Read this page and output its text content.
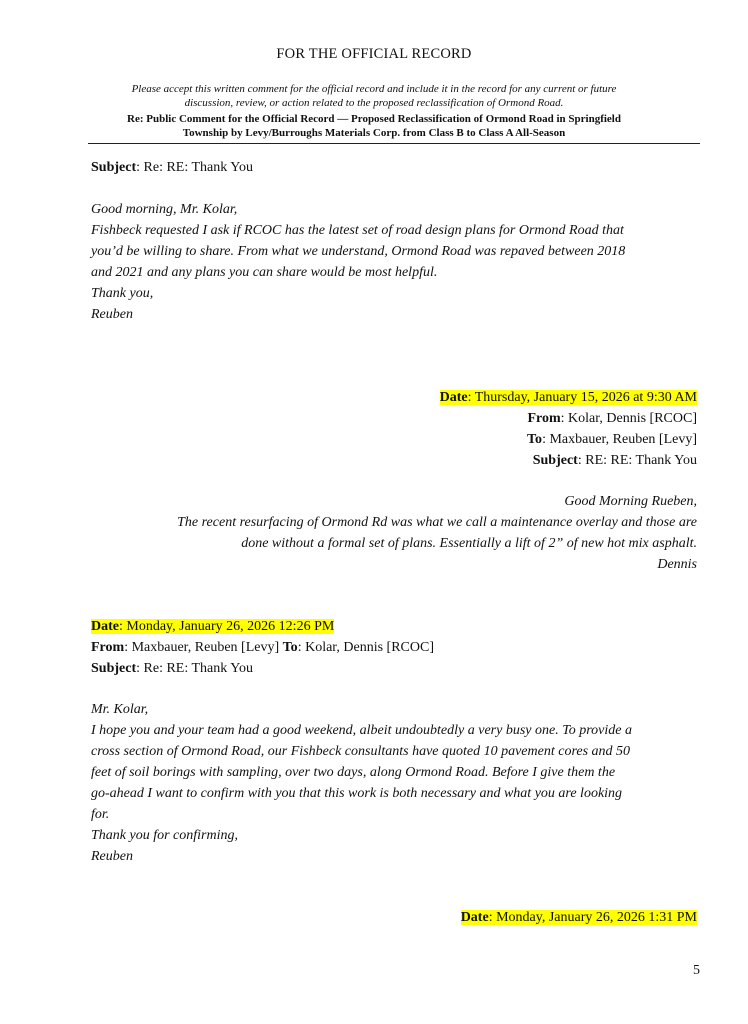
FOR THE OFFICIAL RECORD
Please accept this written comment for the official record and include it in the record for any current or future
discussion, review, or action related to the proposed reclassification of Ormond Road.
Re: Public Comment for the Official Record — Proposed Reclassification of Ormond Road in Springfield
Township by Levy/Burroughs Materials Corp. from Class B to Class A All-Season
Subject: Re: RE: Thank You
Good morning, Mr. Kolar,
Fishbeck requested I ask if RCOC has the latest set of road design plans for Ormond Road that
you’d be willing to share. From what we understand, Ormond Road was repaved between 2018
and 2021 and any plans you can share would be most helpful.
Thank you,
Reuben
Date: Thursday, January 15, 2026 at 9:30 AM
From: Kolar, Dennis [RCOC]
To: Maxbauer, Reuben [Levy]
Subject: RE: RE: Thank You
Good Morning Rueben,
The recent resurfacing of Ormond Rd was what we call a maintenance overlay and those are
done without a formal set of plans. Essentially a lift of 2” of new hot mix asphalt.
Dennis
Date: Monday, January 26, 2026 12:26 PM
From: Maxbauer, Reuben [Levy] To: Kolar, Dennis [RCOC]
Subject: Re: RE: Thank You
Mr. Kolar,
I hope you and your team had a good weekend, albeit undoubtedly a very busy one. To provide a
cross section of Ormond Road, our Fishbeck consultants have quoted 10 pavement cores and 50
feet of soil borings with sampling, over two days, along Ormond Road. Before I give them the
go-ahead I want to confirm with you that this work is both necessary and what you are looking
for.
Thank you for confirming,
Reuben
Date: Monday, January 26, 2026 1:31 PM
5
